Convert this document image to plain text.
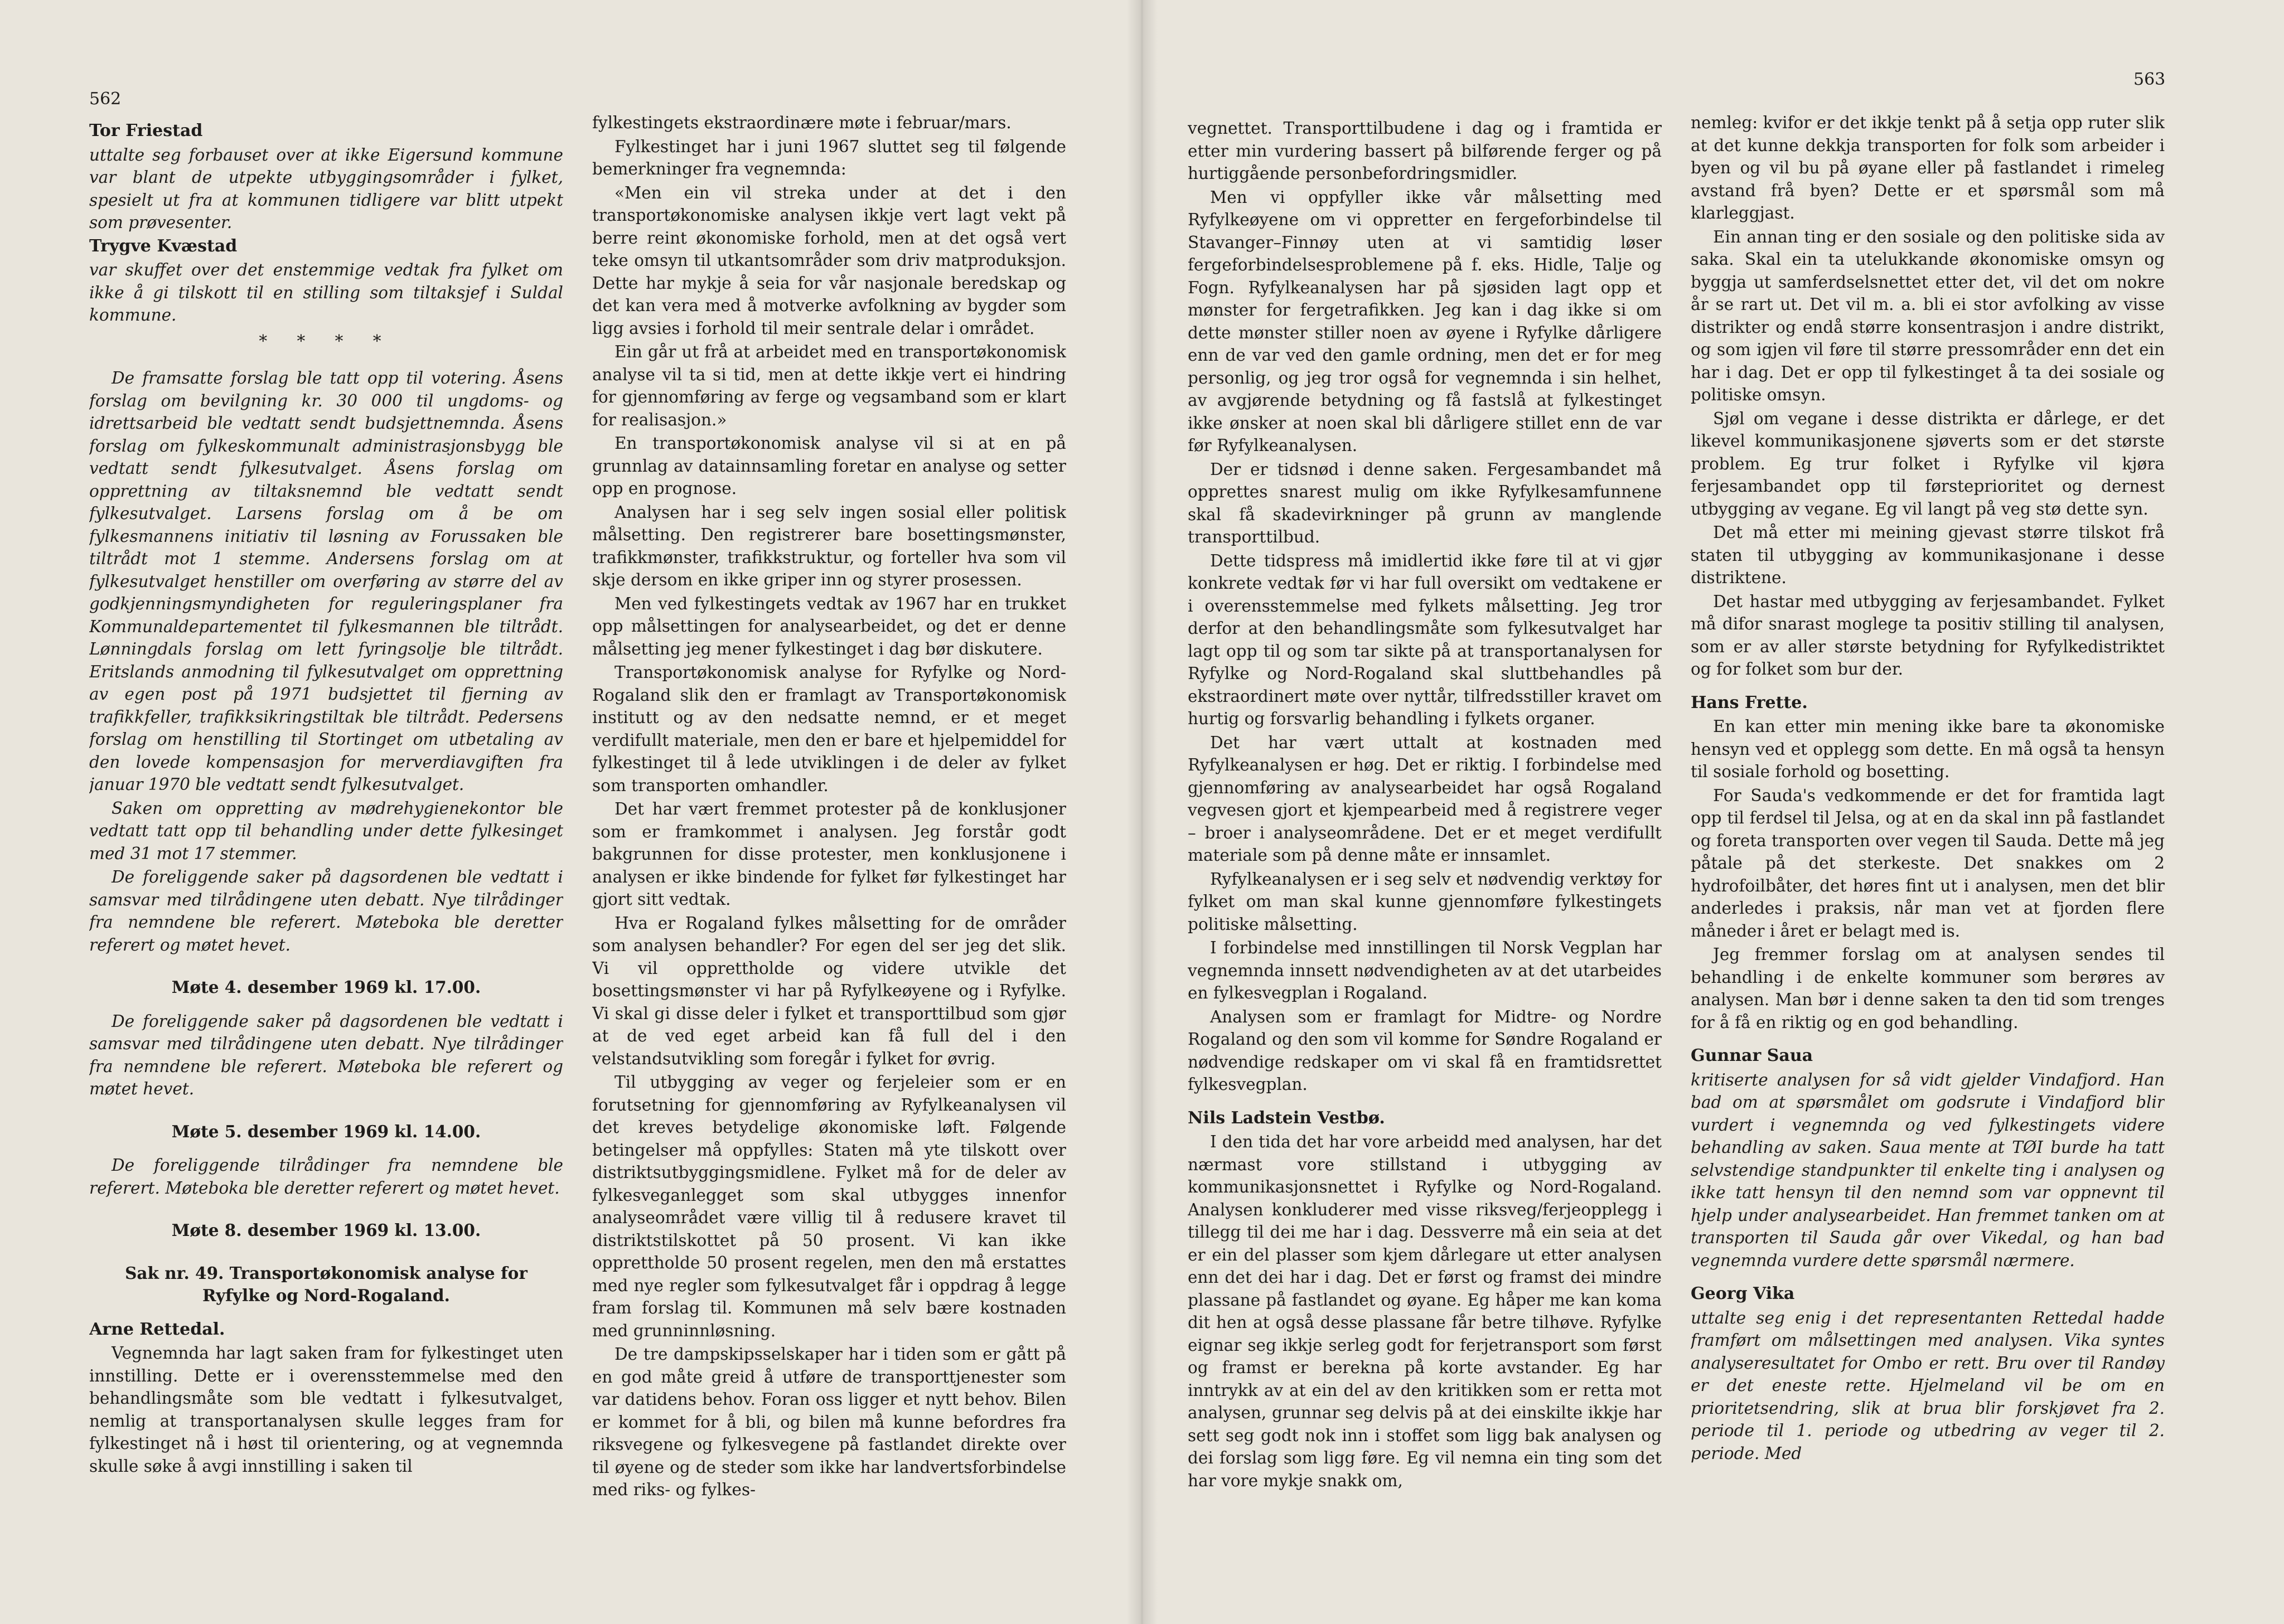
562
563
Tor Friestad
uttalte seg forbauset over at ikke Eigersund kommune var blant de utpekte utbyggingsområder i fylket, spesielt ut fra at kommunen tidligere var blitt utpekt som prøvesenter.
Trygve Kvæstad
var skuffet over det enstemmige vedtak fra fylket om ikke å gi tilskott til en stilling som tiltaksjef i Suldal kommune.
* * * *
De framsatte forslag ble tatt opp til votering. Åsens forslag om bevilgning kr. 30 000 til ungdoms- og idrettsarbeid ble vedtatt sendt budsjettnemnda. Åsens forslag om fylkeskommunalt administrasjonsbygg ble vedtatt sendt fylkesutvalget. Åsens forslag om opprettning av tiltaksnemnd ble vedtatt sendt fylkesutvalget. Larsens forslag om å be om fylkesmannens initiativ til løsning av Forussaken ble tiltrådt mot 1 stemme. Andersens forslag om at fylkesutvalget henstiller om overføring av større del av godkjenningsmyndigheten for reguleringsplaner fra Kommunaldepartementet til fylkesmannen ble tiltrådt. Lønningdals forslag om lett fyringsolje ble tiltrådt. Eritslands anmodning til fylkesutvalget om opprettning av egen post på 1971 budsjettet til fjerning av trafikkfeller, trafikksikringstiltak ble tiltrådt. Pedersens forslag om henstilling til Stortinget om utbetaling av den lovede kompensasjon for merverdiavgiften fra januar 1970 ble vedtatt sendt fylkesutvalget.
Saken om oppretting av mødrehygienekontor ble vedtatt tatt opp til behandling under dette fylkesinget med 31 mot 17 stemmer.
De foreliggende saker på dagsordenen ble vedtatt i samsvar med tilrådingene uten debatt. Nye tilrådinger fra nemndene ble referert. Møteboka ble deretter referert og møtet hevet.
Møte 4. desember 1969 kl. 17.00.
De foreliggende saker på dagsordenen ble vedtatt i samsvar med tilrådingene uten debatt. Nye tilrådinger fra nemndene ble referert. Møteboka ble referert og møtet hevet.
Møte 5. desember 1969 kl. 14.00.
De foreliggende tilrådinger fra nemndene ble referert. Møteboka ble deretter referert og møtet hevet.
Møte 8. desember 1969 kl. 13.00.
Sak nr. 49. Transportøkonomisk analyse for Ryfylke og Nord-Rogaland.
Arne Rettedal.
Vegnemnda har lagt saken fram for fylkestinget uten innstilling. Dette er i overensstemmelse med den behandlingsmåte som ble vedtatt i fylkesutvalget, nemlig at transportanalysen skulle legges fram for fylkestinget nå i høst til orientering, og at vegnemnda skulle søke å avgi innstilling i saken til
fylkestingets ekstraordinære møte i februar/mars.
Fylkestinget har i juni 1967 sluttet seg til følgende bemerkninger fra vegnemnda:
«Men ein vil streka under at det i den transportøkonomiske analysen ikkje vert lagt vekt på berre reint økonomiske forhold, men at det også vert teke omsyn til utkantsområder som driv matproduksjon. Dette har mykje å seia for vår nasjonale beredskap og det kan vera med å motverke avfolkning av bygder som ligg avsies i forhold til meir sentrale delar i området.
Ein går ut frå at arbeidet med en transportøkonomisk analyse vil ta si tid, men at dette ikkje vert ei hindring for gjennomføring av ferge og vegsamband som er klart for realisasjon.»
En transportøkonomisk analyse vil si at en på grunnlag av datainnsamling foretar en analyse og setter opp en prognose.
Analysen har i seg selv ingen sosial eller politisk målsetting. Den registrerer bare bosettingsmønster, trafikkmønster, trafikkstruktur, og forteller hva som vil skje dersom en ikke griper inn og styrer prosessen.
Men ved fylkestingets vedtak av 1967 har en trukket opp målsettingen for analysearbeidet, og det er denne målsetting jeg mener fylkestinget i dag bør diskutere.
Transportøkonomisk analyse for Ryfylke og Nord-Rogaland slik den er framlagt av Transportøkonomisk institutt og av den nedsatte nemnd, er et meget verdifullt materiale, men den er bare et hjelpemiddel for fylkestinget til å lede utviklingen i de deler av fylket som transporten omhandler.
Det har vært fremmet protester på de konklusjoner som er framkommet i analysen. Jeg forstår godt bakgrunnen for disse protester, men konklusjonene i analysen er ikke bindende for fylket før fylkestinget har gjort sitt vedtak.
Hva er Rogaland fylkes målsetting for de områder som analysen behandler? For egen del ser jeg det slik. Vi vil opprettholde og videre utvikle det bosettingsmønster vi har på Ryfylkeøyene og i Ryfylke. Vi skal gi disse deler i fylket et transporttilbud som gjør at de ved eget arbeid kan få full del i den velstandsutvikling som foregår i fylket for øvrig.
Til utbygging av veger og ferjeleier som er en forutsetning for gjennomføring av Ryfylkeanalysen vil det kreves betydelige økonomiske løft. Følgende betingelser må oppfylles: Staten må yte tilskott over distriktsutbyggingsmidlene. Fylket må for de deler av fylkesveganlegget som skal utbygges innenfor analyseområdet være villig til å redusere kravet til distriktstilskottet på 50 prosent. Vi kan ikke opprettholde 50 prosent regelen, men den må erstattes med nye regler som fylkesutvalget får i oppdrag å legge fram forslag til. Kommunen må selv bære kostnaden med grunninnløsning.
De tre dampskipsselskaper har i tiden som er gått på en god måte greid å utføre de transporttjenester som var datidens behov. Foran oss ligger et nytt behov. Bilen er kommet for å bli, og bilen må kunne befordres fra riksvegene og fylkesvegene på fastlandet direkte over til øyene og de steder som ikke har landvertsforbindelse med riks- og fylkes-
vegnettet. Transporttilbudene i dag og i framtida er etter min vurdering bassert på bilførende ferger og på hurtiggående personbefordringsmidler.
Men vi oppfyller ikke vår målsetting med Ryfylkeøyene om vi oppretter en fergeforbindelse til Stavanger–Finnøy uten at vi samtidig løser fergeforbindelsesproblemene på f. eks. Hidle, Talje og Fogn. Ryfylkeanalysen har på sjøsiden lagt opp et mønster for fergetrafikken. Jeg kan i dag ikke si om dette mønster stiller noen av øyene i Ryfylke dårligere enn de var ved den gamle ordning, men det er for meg personlig, og jeg tror også for vegnemnda i sin helhet, av avgjørende betydning og få fastslå at fylkestinget ikke ønsker at noen skal bli dårligere stillet enn de var før Ryfylkeanalysen.
Der er tidsnød i denne saken. Fergesambandet må opprettes snarest mulig om ikke Ryfylkesamfunnene skal få skadevirkninger på grunn av manglende transporttilbud.
Dette tidspress må imidlertid ikke føre til at vi gjør konkrete vedtak før vi har full oversikt om vedtakene er i overensstemmelse med fylkets målsetting. Jeg tror derfor at den behandlingsmåte som fylkesutvalget har lagt opp til og som tar sikte på at transportanalysen for Ryfylke og Nord-Rogaland skal sluttbehandles på ekstraordinert møte over nyttår, tilfredsstiller kravet om hurtig og forsvarlig behandling i fylkets organer.
Det har vært uttalt at kostnaden med Ryfylkeanalysen er høg. Det er riktig. I forbindelse med gjennomføring av analysearbeidet har også Rogaland vegvesen gjort et kjempearbeid med å registrere veger – broer i analyseområdene. Det er et meget verdifullt materiale som på denne måte er innsamlet.
Ryfylkeanalysen er i seg selv et nødvendig verktøy for fylket om man skal kunne gjennomføre fylkestingets politiske målsetting.
I forbindelse med innstillingen til Norsk Vegplan har vegnemnda innsett nødvendigheten av at det utarbeides en fylkesvegplan i Rogaland.
Analysen som er framlagt for Midtre- og Nordre Rogaland og den som vil komme for Søndre Rogaland er nødvendige redskaper om vi skal få en framtidsrettet fylkesvegplan.
Nils Ladstein Vestbø.
I den tida det har vore arbeidd med analysen, har det nærmast vore stillstand i utbygging av kommunikasjonsnettet i Ryfylke og Nord-Rogaland. Analysen konkluderer med visse riksveg/ferjeopplegg i tillegg til dei me har i dag. Dessverre må ein seia at det er ein del plasser som kjem dårlegare ut etter analysen enn det dei har i dag. Det er først og framst dei mindre plassane på fastlandet og øyane. Eg håper me kan koma dit hen at også desse plassane får betre tilhøve. Ryfylke eignar seg ikkje serleg godt for ferjetransport som først og framst er berekna på korte avstander. Eg har inntrykk av at ein del av den kritikken som er retta mot analysen, grunnar seg delvis på at dei einskilte ikkje har sett seg godt nok inn i stoffet som ligg bak analysen og dei forslag som ligg føre. Eg vil nemna ein ting som det har vore mykje snakk om,
nemleg: kvifor er det ikkje tenkt på å setja opp ruter slik at det kunne dekkja transporten for folk som arbeider i byen og vil bu på øyane eller på fastlandet i rimeleg avstand frå byen? Dette er et spørsmål som må klarleggjast.
Ein annan ting er den sosiale og den politiske sida av saka. Skal ein ta utelukkande økonomiske omsyn og byggja ut samferdselsnettet etter det, vil det om nokre år se rart ut. Det vil m. a. bli ei stor avfolking av visse distrikter og endå større konsentrasjon i andre distrikt, og som igjen vil føre til større pressområder enn det ein har i dag. Det er opp til fylkestinget å ta dei sosiale og politiske omsyn.
Sjøl om vegane i desse distrikta er dårlege, er det likevel kommunikasjonene sjøverts som er det største problem. Eg trur folket i Ryfylke vil kjøra ferjesambandet opp til førsteprioritet og dernest utbygging av vegane. Eg vil langt på veg stø dette syn.
Det må etter mi meining gjevast større tilskot frå staten til utbygging av kommunikasjonane i desse distriktene.
Det hastar med utbygging av ferjesambandet. Fylket må difor snarast moglege ta positiv stilling til analysen, som er av aller største betydning for Ryfylkedistriktet og for folket som bur der.
Hans Frette.
En kan etter min mening ikke bare ta økonomiske hensyn ved et opplegg som dette. En må også ta hensyn til sosiale forhold og bosetting.
For Sauda's vedkommende er det for framtida lagt opp til ferdsel til Jelsa, og at en da skal inn på fastlandet og foreta transporten over vegen til Sauda. Dette må jeg påtale på det sterkeste. Det snakkes om 2 hydrofoilbåter, det høres fint ut i analysen, men det blir anderledes i praksis, når man vet at fjorden flere måneder i året er belagt med is.
Jeg fremmer forslag om at analysen sendes til behandling i de enkelte kommuner som berøres av analysen. Man bør i denne saken ta den tid som trenges for å få en riktig og en god behandling.
Gunnar Saua
kritiserte analysen for så vidt gjelder Vindafjord. Han bad om at spørsmålet om godsrute i Vindafjord blir vurdert i vegnemnda og ved fylkestingets videre behandling av saken. Saua mente at TØI burde ha tatt selvstendige standpunkter til enkelte ting i analysen og ikke tatt hensyn til den nemnd som var oppnevnt til hjelp under analysearbeidet. Han fremmet tanken om at transporten til Sauda går over Vikedal, og han bad vegnemnda vurdere dette spørsmål nærmere.
Georg Vika
uttalte seg enig i det representanten Rettedal hadde framført om målsettingen med analysen. Vika syntes analyseresultatet for Ombo er rett. Bru over til Randøy er det eneste rette. Hjelmeland vil be om en prioritetsendring, slik at brua blir forskjøvet fra 2. periode til 1. periode og utbedring av veger til 2. periode. Med
